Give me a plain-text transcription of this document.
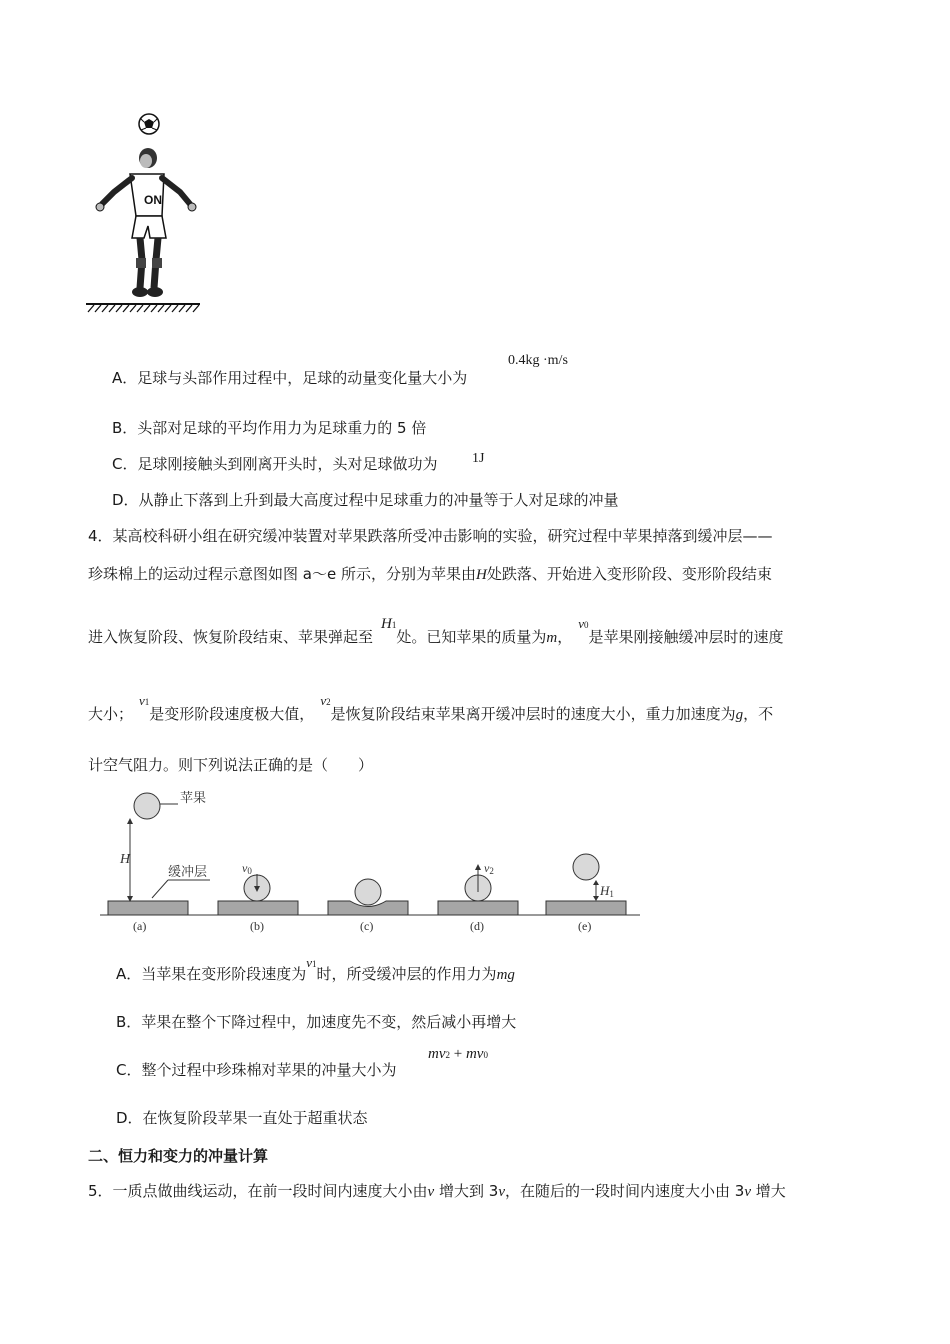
ON
A．足球与头部作用过程中，足球的动量变化量大小为
0.4kg ·m/s
B．头部对足球的平均作用力为足球重力的 5 倍
C．足球刚接触头到刚离开头时，头对足球做功为 1J
D．从静止下落到上升到最大高度过程中足球重力的冲量等于人对足球的冲量
4．某高校科研小组在研究缓冲装置对苹果跌落所受冲击影响的实验，研究过程中苹果掉落到缓冲层——
珍珠棉上的运动过程示意图如图 a～e 所示，分别为苹果由H处跌落、开始进入变形阶段、变形阶段结束
进入恢复阶段、恢复阶段结束、苹果弹起至H1处。已知苹果的质量为m，v0是苹果刚接触缓冲层时的速度
大小；v1是变形阶段速度极大值，v2是恢复阶段结束苹果离开缓冲层时的速度大小，重力加速度为g，不
计空气阻力。则下列说法正确的是（　　）
苹果
H
缓冲层
(a)
v0
(b)	(c)
v2
(d)
H1
(e)
A．当苹果在变形阶段速度为v1时，所受缓冲层的作用力为mg
B．苹果在整个下降过程中，加速度先不变，然后减小再增大
C．整个过程中珍珠棉对苹果的冲量大小为
mv2 + mv0
D．在恢复阶段苹果一直处于超重状态
二、恒力和变力的冲量计算
5．一质点做曲线运动，在前一段时间内速度大小由v 增大到 3v，在随后的一段时间内速度大小由 3v 增大
